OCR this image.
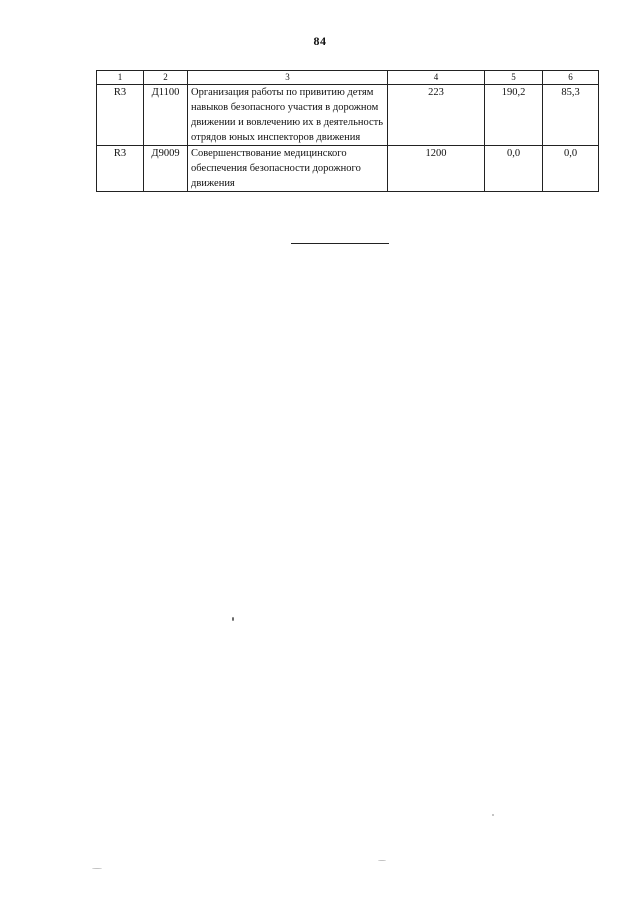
84
1	2	3	4	5	6
R3	Д1100	Организация работы по привитию детям навыков безопасного участия в дорожном движении и вовлечению их в деятельность отрядов юных инспекторов движения	223	190,2	85,3
R3	Д9009	Совершенствование медицинского обеспечения безопасности дорожного движения	1200	0,0	0,0
